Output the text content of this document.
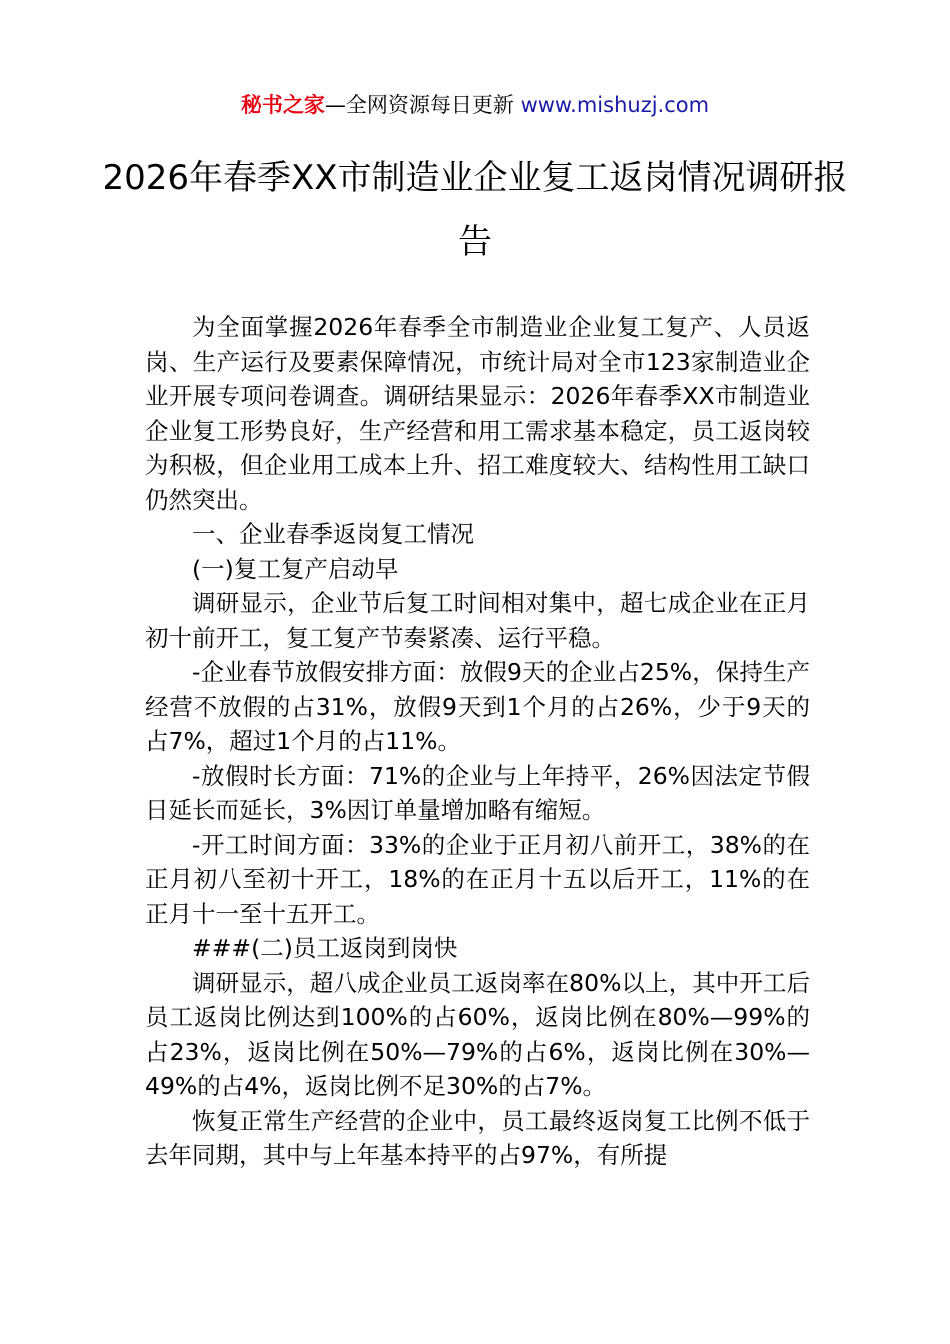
秘书之家—全网资源每日更新 www.mishuzj.com
2026年春季XX市制造业企业复工返岗情况调研报告

为全面掌握2026年春季全市制造业企业复工复产、人员返岗、生产运行及要素保障情况，市统计局对全市123家制造业企业开展专项问卷调查。调研结果显示：2026年春季XX市制造业企业复工形势良好，生产经营和用工需求基本稳定，员工返岗较为积极，但企业用工成本上升、招工难度较大、结构性用工缺口仍然突出。

一、企业春季返岗复工情况

(一)复工复产启动早

调研显示，企业节后复工时间相对集中，超七成企业在正月初十前开工，复工复产节奏紧凑、运行平稳。

-企业春节放假安排方面：放假9天的企业占25%，保持生产经营不放假的占31%，放假9天到1个月的占26%，少于9天的占7%，超过1个月的占11%。

-放假时长方面：71%的企业与上年持平，26%因法定节假日延长而延长，3%因订单量增加略有缩短。

-开工时间方面：33%的企业于正月初八前开工，38%的在正月初八至初十开工，18%的在正月十五以后开工，11%的在正月十一至十五开工。

###(二)员工返岗到岗快

调研显示，超八成企业员工返岗率在80%以上，其中开工后员工返岗比例达到100%的占60%，返岗比例在80%—99%的占23%，返岗比例在50%—79%的占6%，返岗比例在30%—49%的占4%，返岗比例不足30%的占7%。

恢复正常生产经营的企业中，员工最终返岗复工比例不低于去年同期，其中与上年基本持平的占97%，有所提
